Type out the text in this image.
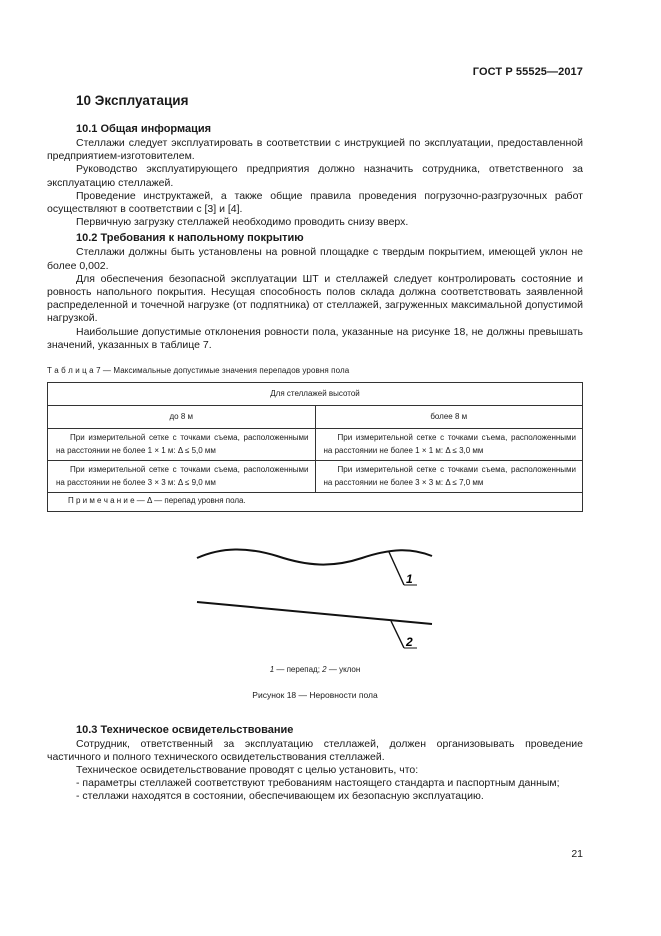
ГОСТ Р 55525—2017
10 Эксплуатация
10.1 Общая информация

Стеллажи следует эксплуатировать в соответствии с инструкцией по эксплуатации, предоставленной предприятием-изготовителем.

Руководство эксплуатирующего предприятия должно назначить сотрудника, ответственного за эксплуатацию стеллажей.

Проведение инструктажей, а также общие правила проведения погрузочно-разгрузочных работ осуществляют в соответствии с [3] и [4].

Первичную загрузку стеллажей необходимо проводить снизу вверх.

10.2 Требования к напольному покрытию

Стеллажи должны быть установлены на ровной площадке с твердым покрытием, имеющей уклон не более 0,002.

Для обеспечения безопасной эксплуатации ШТ и стеллажей следует контролировать состояние и ровность напольного покрытия. Несущая способность полов склада должна соответствовать заявленной распределенной и точечной нагрузке (от подпятника) от стеллажей, загруженных максимальной допустимой нагрузкой.

Наибольшие допустимые отклонения ровности пола, указанные на рисунке 18, не должны превышать значений, указанных в таблице 7.

Т а б л и ц а 7 — Максимальные допустимые значения перепадов уровня пола
Для стеллажей высотой	
до 8 м	более 8 м
При измерительной сетке с точками съема, расположенными на расстоянии не более 1 × 1 м: Δ ≤ 5,0 мм	При измерительной сетке с точками съема, расположенными на расстоянии не более 1 × 1 м: Δ ≤ 3,0 мм
При измерительной сетке с точками съема, расположенными на расстоянии не более 3 × 3 м: Δ ≤ 9,0 мм	При измерительной сетке с точками съема, расположенными на расстоянии не более 3 × 3 м: Δ ≤ 7,0 мм
П р и м е ч а н и е — Δ — перепад уровня пола.	
1
2
1 — перепад; 2 — уклон
Рисунок 18 — Неровности пола
10.3 Техническое освидетельствование

Сотрудник, ответственный за эксплуатацию стеллажей, должен организовывать проведение частичного и полного технического освидетельствования стеллажей.

Техническое освидетельствование проводят с целью установить, что:

- параметры стеллажей соответствуют требованиям настоящего стандарта и паспортным данным;

- стеллажи находятся в состоянии, обеспечивающем их безопасную эксплуатацию.

21
